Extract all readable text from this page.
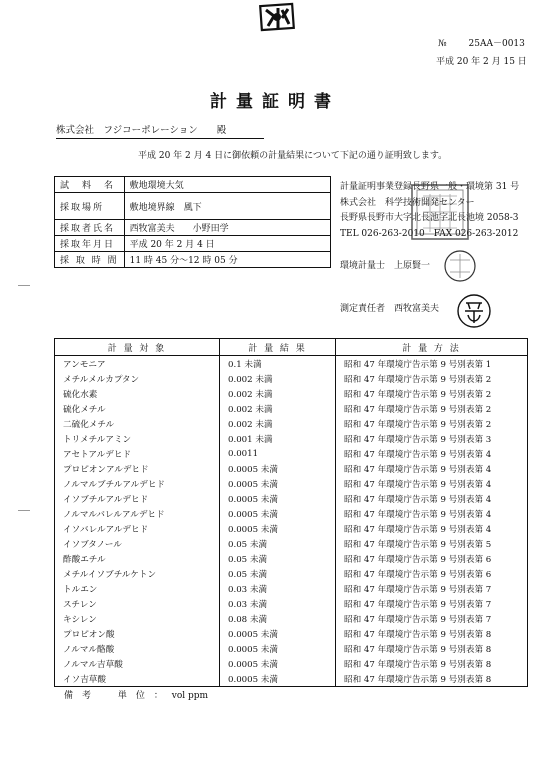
№ 25AA－0013
平成 20 年 2 月 15 日
計量証明書
株式会社　フジコーポレーション　　殿
平成 20 年 2 月 4 日に御依頼の計量結果について下記の通り証明致します。
試　料　名	敷地環境大気
採取場所	敷地境界線　風下
採取者氏名	西牧富美夫　　小野田学
採取年月日	平成 20 年 2 月 4 日
採 取 時 間	11 時 45 分～12 時 05 分
計量証明事業登録長野県一般・環境第 31 号
株式会社　科学技術開発センター
長野県長野市大字北長池字北長池境 2058-3
TEL 026-263-2010　FAX 026-263-2012
環境計量士　 上原賢一
測定責任者　 西牧富美夫
計 量 対 象	計 量 結 果	計 量 方 法
アンモニア	0.1 未満	昭和 47 年環境庁告示第 9 号別表第 1
メチルメルカプタン	0.002 未満	昭和 47 年環境庁告示第 9 号別表第 2
硫化水素	0.002 未満	昭和 47 年環境庁告示第 9 号別表第 2
硫化メチル	0.002 未満	昭和 47 年環境庁告示第 9 号別表第 2
二硫化メチル	0.002 未満	昭和 47 年環境庁告示第 9 号別表第 2
トリメチルアミン	0.001 未満	昭和 47 年環境庁告示第 9 号別表第 3
アセトアルデヒド	0.0011	昭和 47 年環境庁告示第 9 号別表第 4
プロピオンアルデヒド	0.0005 未満	昭和 47 年環境庁告示第 9 号別表第 4
ノルマルブチルアルデヒド	0.0005 未満	昭和 47 年環境庁告示第 9 号別表第 4
イソブチルアルデヒド	0.0005 未満	昭和 47 年環境庁告示第 9 号別表第 4
ノルマルバレルアルデヒド	0.0005 未満	昭和 47 年環境庁告示第 9 号別表第 4
イソバレルアルデヒド	0.0005 未満	昭和 47 年環境庁告示第 9 号別表第 4
イソブタノール	0.05 未満	昭和 47 年環境庁告示第 9 号別表第 5
酢酸エチル	0.05 未満	昭和 47 年環境庁告示第 9 号別表第 6
メチルイソブチルケトン	0.05 未満	昭和 47 年環境庁告示第 9 号別表第 6
トルエン	0.03 未満	昭和 47 年環境庁告示第 9 号別表第 7
スチレン	0.03 未満	昭和 47 年環境庁告示第 9 号別表第 7
キシレン	0.08 未満	昭和 47 年環境庁告示第 9 号別表第 7
プロピオン酸	0.0005 未満	昭和 47 年環境庁告示第 9 号別表第 8
ノルマル酪酸	0.0005 未満	昭和 47 年環境庁告示第 9 号別表第 8
ノルマル吉草酸	0.0005 未満	昭和 47 年環境庁告示第 9 号別表第 8
イソ吉草酸	0.0005 未満	昭和 47 年環境庁告示第 9 号別表第 8
備　考	単　位　： vol ppm
